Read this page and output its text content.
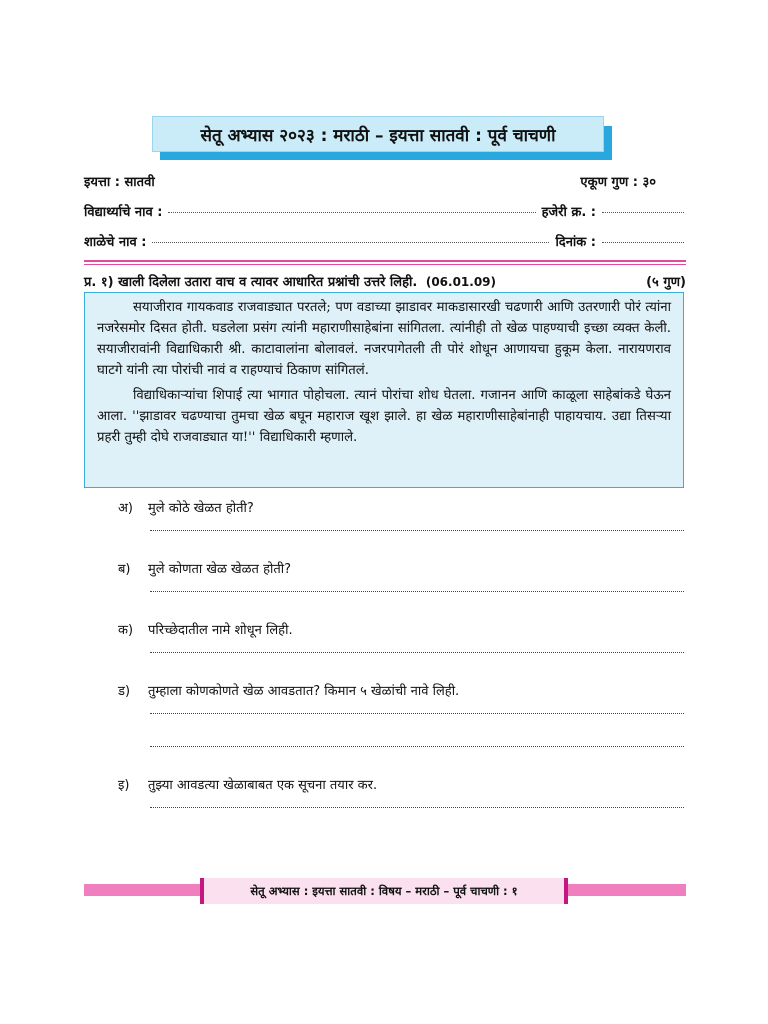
सेतू अभ्यास २०२३ : मराठी – इयत्ता सातवी : पूर्व चाचणी
इयत्ता : सातवी	एकूण गुण : ३०
विद्यार्थ्याचे नाव :	हजेरी क्र. :
शाळेचे नाव :	दिनांक :
प्र. १) खाली दिलेला उतारा वाच व त्यावर आधारित प्रश्नांची उत्तरे लिही. (06.01.09)	(५ गुण)

सयाजीराव गायकवाड राजवाड्यात परतले; पण वडाच्या झाडावर माकडासारखी चढणारी आणि उतरणारी पोरं त्यांना नजरेसमोर दिसत होती. घडलेला प्रसंग त्यांनी महाराणीसाहेबांना सांगितला. त्यांनीही तो खेळ पाहण्याची इच्छा व्यक्त केली. सयाजीरावांनी विद्याधिकारी श्री. काटावालांना बोलावलं. नजरपागेतली ती पोरं शोधून आणायचा हुकूम केला. नारायणराव घाटगे यांनी त्या पोरांची नावं व राहण्याचं ठिकाण सांगितलं.

विद्याधिकाऱ्यांचा शिपाई त्या भागात पोहोचला. त्यानं पोरांचा शोध घेतला. गजानन आणि काळूला साहेबांकडे घेऊन आला. ''झाडावर चढण्याचा तुमचा खेळ बघून महाराज खूश झाले. हा खेळ महाराणीसाहेबांनाही पाहायचाय. उद्या तिसऱ्या प्रहरी तुम्ही दोघे राजवाड्यात या!'' विद्याधिकारी म्हणाले.

अ)	मुले कोठे खेळत होती?
ब)	मुले कोणता खेळ खेळत होती?
क)	परिच्छेदातील नामे शोधून लिही.
ड)	तुम्हाला कोणकोणते खेळ आवडतात? किमान ५ खेळांची नावे लिही.
इ)	तुझ्या आवडत्या खेळाबाबत एक सूचना तयार कर.
सेतू अभ्यास : इयत्ता सातवी : विषय – मराठी – पूर्व चाचणी : १
